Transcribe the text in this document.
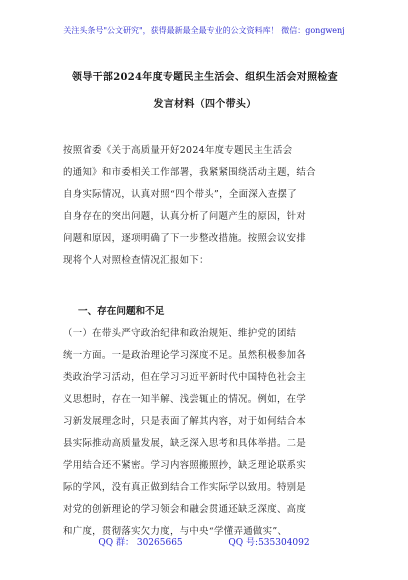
关注头条号"公文研究"，获得最新最全最专业的公文资料库！ 微信：gongwenj
领导干部2024年度专题民主生活会、组织生活会对照检查
发言材料（四个带头）

按照省委《关于高质量开好2024年度专题民主生活会

的通知》和市委相关工作部署，我紧紧围绕活动主题，结合

自身实际情况，认真对照“四个带头”，全面深入查摆了

自身存在的突出问题，认真分析了问题产生的原因，针对

问题和原因，逐项明确了下一步整改措施。按照会议安排

现将个人对照检查情况汇报如下：

一、存在问题和不足

（一）在带头严守政治纪律和政治规矩、维护党的团结

统一方面。一是政治理论学习深度不足。虽然积极参加各

类政治学习活动，但在学习习近平新时代中国特色社会主

义思想时，存在一知半解、浅尝辄止的情况。例如，在学

习新发展理念时，只是表面了解其内容，对于如何结合本

县实际推动高质量发展，缺乏深入思考和具体举措。二是

学用结合还不紧密。学习内容照搬照抄，缺乏理论联系实

际的学风，没有真正做到结合工作实际学以致用。特别是

对党的创新理论的学习领会和融会贯通还缺乏深度、高度

和广度，贯彻落实欠力度，与中央“学懂弄通做实”、

QQ 群： 30265665	QQ 号:535304092
